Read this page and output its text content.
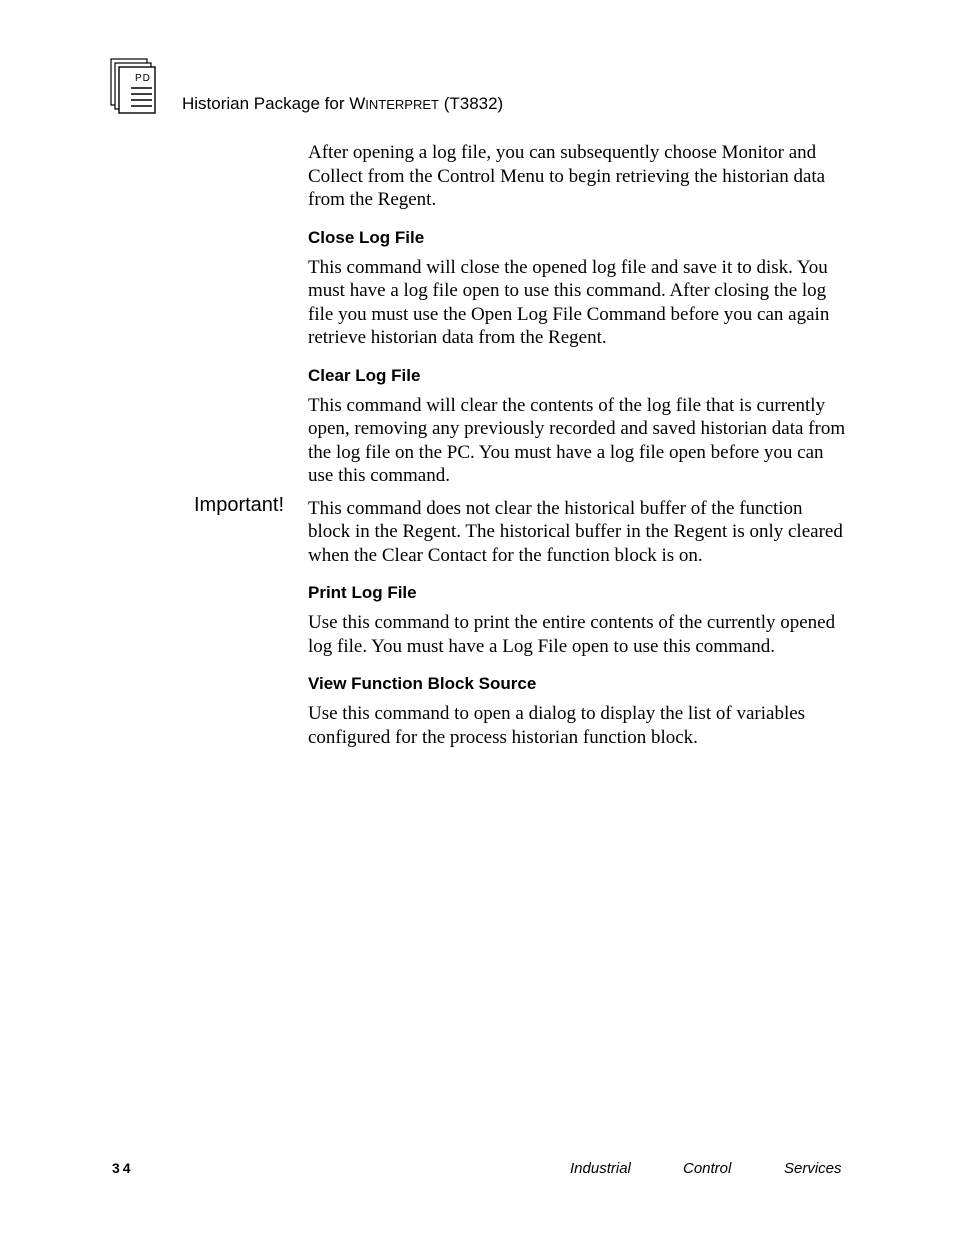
PD
Historian Package for WINTERPRET (T3832)

After opening a log file, you can subsequently choose Monitor and Collect from the Control Menu to begin retrieving the historian data from the Regent.

Close Log File

This command will close the opened log file and save it to disk. You must have a log file open to use this command. After closing the log file you must use the Open Log File Command before you can again retrieve historian data from the Regent.

Clear Log File

This command will clear the contents of the log file that is currently open, removing any previously recorded and saved historian data from the log file on the PC. You must have a log file open before you can use this command.

Important! This command does not clear the historical buffer of the function block in the Regent. The historical buffer in the Regent is only cleared when the Clear Contact for the function block is on.

Print Log File

Use this command to print the entire contents of the currently opened log file. You must have a Log File open to use this command.

View Function Block Source

Use this command to open a dialog to display the list of variables configured for the process historian function block.

34	Industrial	Control	Services
